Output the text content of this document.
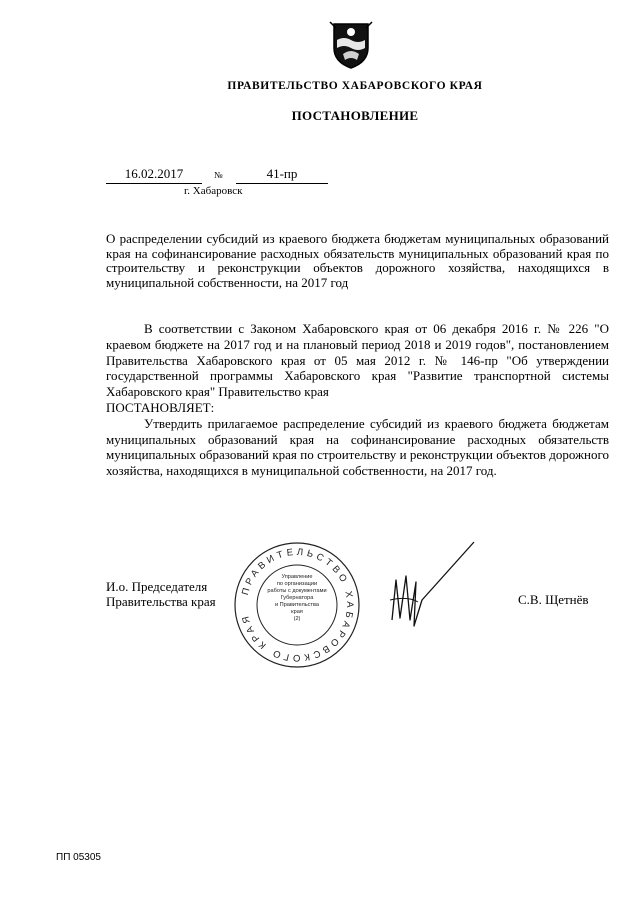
ПРАВИТЕЛЬСТВО ХАБАРОВСКОГО КРАЯ
ПОСТАНОВЛЕНИЕ
16.02.2017	№	41-пр
г. Хабаровск
О распределении субсидий из краевого бюджета бюджетам муниципальных образований края на софинансирование расходных обязательств муниципальных образований края по строительству и реконструкции объектов дорожного хозяйства, находящихся в муниципальной собственности, на 2017 год

В соответствии с Законом Хабаровского края от 06 декабря 2016 г. № 226 "О краевом бюджете на 2017 год и на плановый период 2018 и 2019 годов", постановлением Правительства Хабаровского края от 05 мая 2012 г. № 146-пр "Об утверждении государственной программы Хабаровского края "Развитие транспортной системы Хабаровского края" Правительство края

ПОСТАНОВЛЯЕТ:

Утвердить прилагаемое распределение субсидий из краевого бюджета бюджетам муниципальных образований края на софинансирование расходных обязательств муниципальных образований края по строительству и реконструкции объектов дорожного хозяйства, находящихся в муниципальной собственности, на 2017 год.

И.о. Председателя
Правительства края
ПРАВИТЕЛЬСТВО ХАБАРОВСКОГО КРАЯ
Управление
по организации
работы с документами
Губернатора
и Правительства
края
(2)
С.В. Щетнёв
ПП 05305
